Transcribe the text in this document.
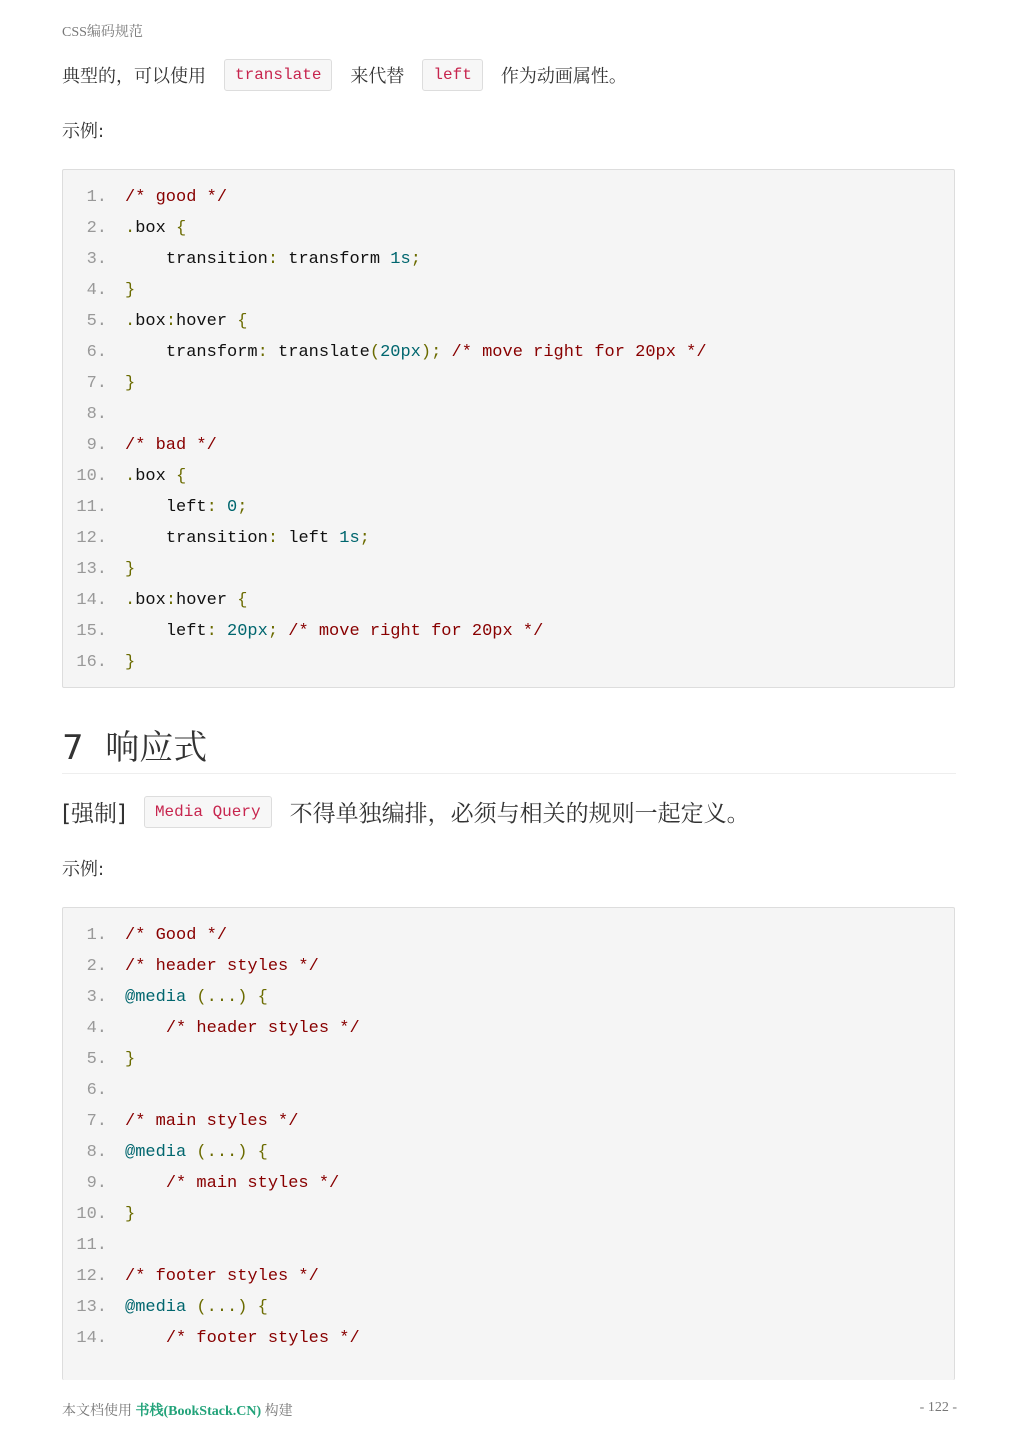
CSS编码规范
典型的，可以使用	translate	来代替	left	作为动画属性。
示例:
1. /* good */
2. .box {
3.	transition: transform 1s;
4. }
5. .box:hover {
6.	transform: translate(20px); /* move right for 20px */
7. }
8.
9. /* bad */
10. .box {
11.	left: 0;
12.	transition: left 1s;
13. }
14. .box:hover {
15.	left: 20px; /* move right for 20px */
16. }
7 响应式
[强制]	Media Query	不得单独编排，必须与相关的规则一起定义。
示例:
1. /* Good */
2. /* header styles */
3. @media (...) {
4.	/* header styles */
5. }
6.
7. /* main styles */
8. @media (...) {
9.	/* main styles */
10. }
11.
12. /* footer styles */
13. @media (...) {
14.	/* footer styles */
本文档使用 书栈(BookStack.CN) 构建	- 122 -
